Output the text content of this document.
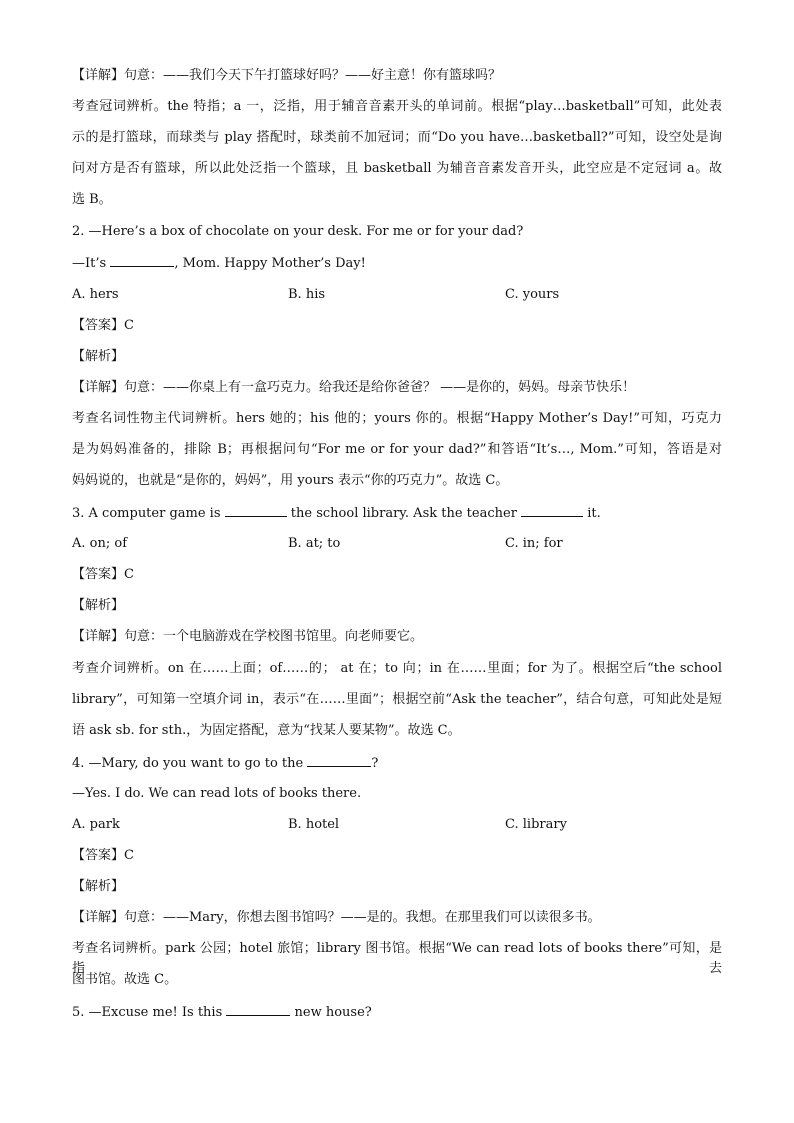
【详解】句意：——我们今天下午打篮球好吗？——好主意！你有篮球吗？
考查冠词辨析。the 特指；a 一，泛指，用于辅音音素开头的单词前。根据“play…basketball”可知，此处表
示的是打篮球，而球类与 play 搭配时，球类前不加冠词；而“Do you have…basketball?”可知，设空处是询
问对方是否有篮球，所以此处泛指一个篮球，且 basketball 为辅音音素发音开头，此空应是不定冠词 a。故
选 B。
2. —Here’s a box of chocolate on your desk. For me or for your dad?
—It’s	, Mom. Happy Mother’s Day!
A. hers	B. his	C. yours
【答案】C
【解析】
【详解】句意：——你桌上有一盒巧克力。给我还是给你爸爸？ ——是你的，妈妈。母亲节快乐！
考查名词性物主代词辨析。hers 她的；his 他的；yours 你的。根据“Happy Mother’s Day!”可知，巧克力
是为妈妈准备的，排除 B；再根据问句“For me or for your dad?”和答语“It’s…, Mom.”可知，答语是对
妈妈说的，也就是“是你的，妈妈”，用 yours 表示“你的巧克力”。故选 C。
3. A computer game is	the school library. Ask the teacher	it.
A. on; of	B. at; to	C. in; for
【答案】C
【解析】
【详解】句意：一个电脑游戏在学校图书馆里。向老师要它。
考查介词辨析。on 在……上面；of……的； at 在；to 向；in 在……里面；for 为了。根据空后“the school
library”，可知第一空填介词 in，表示“在……里面”；根据空前“Ask the teacher”，结合句意，可知此处是短
语 ask sb. for sth.，为固定搭配，意为“找某人要某物”。故选 C。
4. —Mary, do you want to go to the	?
—Yes. I do. We can read lots of books there.
A. park	B. hotel	C. library
【答案】C
【解析】
【详解】句意：——Mary，你想去图书馆吗？——是的。我想。在那里我们可以读很多书。
考查名词辨析。park 公园；hotel 旅馆；library 图书馆。根据“We can read lots of books there”可知，是指去
图书馆。故选 C。
5. —Excuse me! Is this	new house?
